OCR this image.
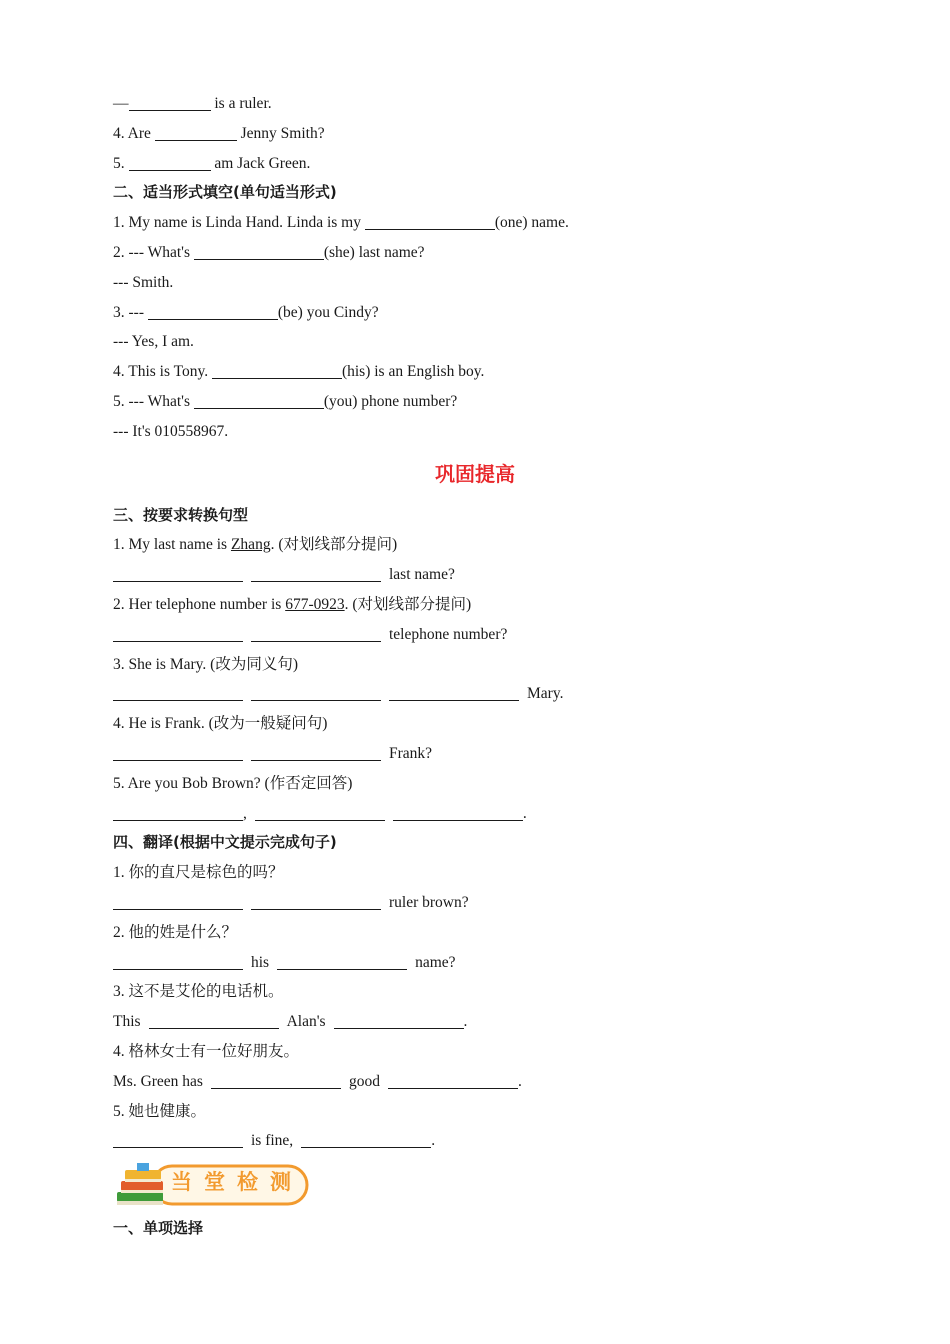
—	is a ruler.
4. Are	Jenny Smith?
5.	am Jack Green.
二、适当形式填空(单句适当形式)
1. My name is Linda Hand. Linda is my	(one) name.
2. --- What's	(she) last name?
--- Smith.
3. ---	(be) you Cindy?
--- Yes, I am.
4. This is Tony.	(his) is an English boy.
5. --- What's	(you) phone number?
--- It's 010558967.
巩固提高
三、按要求转换句型
1. My last name is Zhang. (对划线部分提问)
last name?
2. Her telephone number is 677-0923. (对划线部分提问)
telephone number?
3. She is Mary. (改为同义句)
Mary.
4. He is Frank. (改为一般疑问句)
Frank?
5. Are you Bob Brown? (作否定回答)
,	.
四、翻译(根据中文提示完成句子)
1. 你的直尺是棕色的吗？
ruler brown?
2. 他的姓是什么？
his	name?
3. 这不是艾伦的电话机。
This	Alan's	.
4. 格林女士有一位好朋友。
Ms. Green has	good	.
5. 她也健康。
is fine,	.
当堂检测
一、单项选择
